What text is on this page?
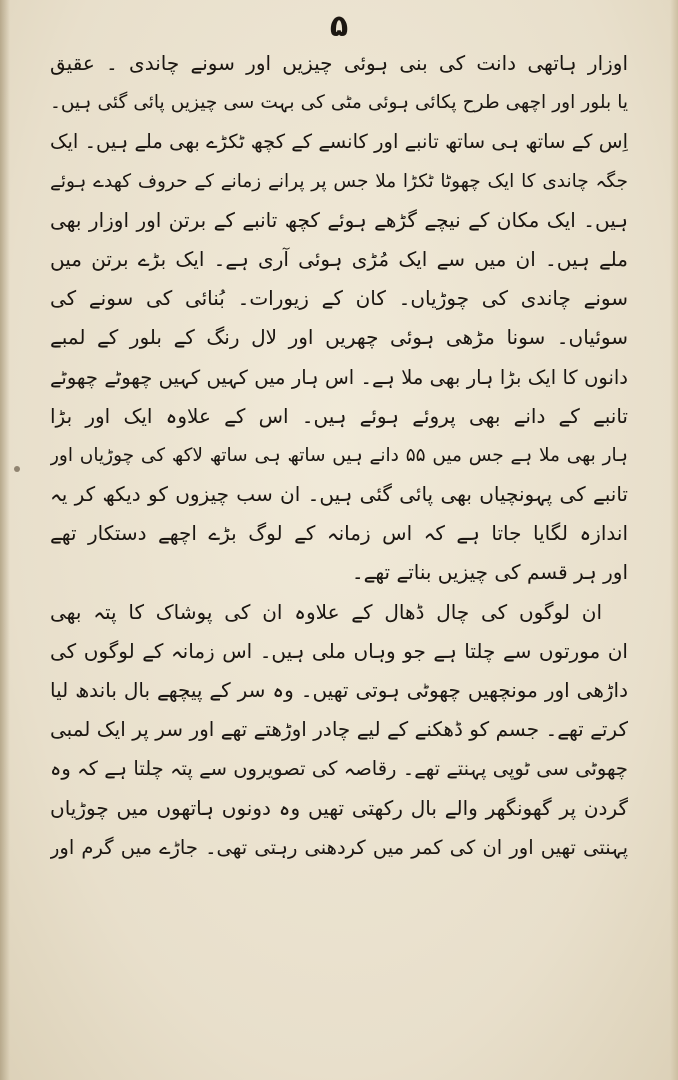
۵
اوزار ہاتھی دانت کی بنی ہوئی چیزیں اور سونے چاندی ۔ عقیق
یا بلور اور اچھی طرح پکائی ہوئی مٹی کی بہت سی چیزیں پائی گئی ہیں۔
اِس کے ساتھ ہی ساتھ تانبے اور کانسے کے کچھ ٹکڑے بھی ملے ہیں۔ ایک
جگہ چاندی کا ایک چھوٹا ٹکڑا ملا جس پر پرانے زمانے کے حروف کھدے ہوئے
ہیں۔ ایک مکان کے نیچے گڑھے ہوئے کچھ تانبے کے برتن اور اوزار بھی
ملے ہیں۔ ان میں سے ایک مُڑی ہوئی آری ہے۔ ایک بڑے برتن میں
سونے چاندی کی چوڑیاں۔ کان کے زیورات۔ بُنائی کی سونے کی
سوئیاں۔ سونا مڑھی ہوئی چھریں اور لال رنگ کے بلور کے لمبے
دانوں کا ایک بڑا ہار بھی ملا ہے۔ اس ہار میں کہیں کہیں چھوٹے چھوٹے
تانبے کے دانے بھی پروئے ہوئے ہیں۔ اس کے علاوہ ایک اور بڑا
ہار بھی ملا ہے جس میں ۵۵ دانے ہیں ساتھ ہی ساتھ لاکھ کی چوڑیاں اور
تانبے کی پہونچیاں بھی پائی گئی ہیں۔ ان سب چیزوں کو دیکھ کر یہ
اندازہ لگایا جاتا ہے کہ اس زمانہ کے لوگ بڑے اچھے دستکار تھے
اور ہر قسم کی چیزیں بناتے تھے۔
ان لوگوں کی چال ڈھال کے علاوہ ان کی پوشاک کا پتہ بھی
ان مورتوں سے چلتا ہے جو وہاں ملی ہیں۔ اس زمانہ کے لوگوں کی
داڑھی اور مونچھیں چھوٹی ہوتی تھیں۔ وہ سر کے پیچھے بال باندھ لیا
کرتے تھے۔ جسم کو ڈھکنے کے لیے چادر اوڑھتے تھے اور سر پر ایک لمبی
چھوٹی سی ٹوپی پہنتے تھے۔ رقاصہ کی تصویروں سے پتہ چلتا ہے کہ وہ
گردن پر گھونگھر والے بال رکھتی تھیں وہ دونوں ہاتھوں میں چوڑیاں
پہنتی تھیں اور ان کی کمر میں کردھنی رہتی تھی۔ جاڑے میں گرم اور
